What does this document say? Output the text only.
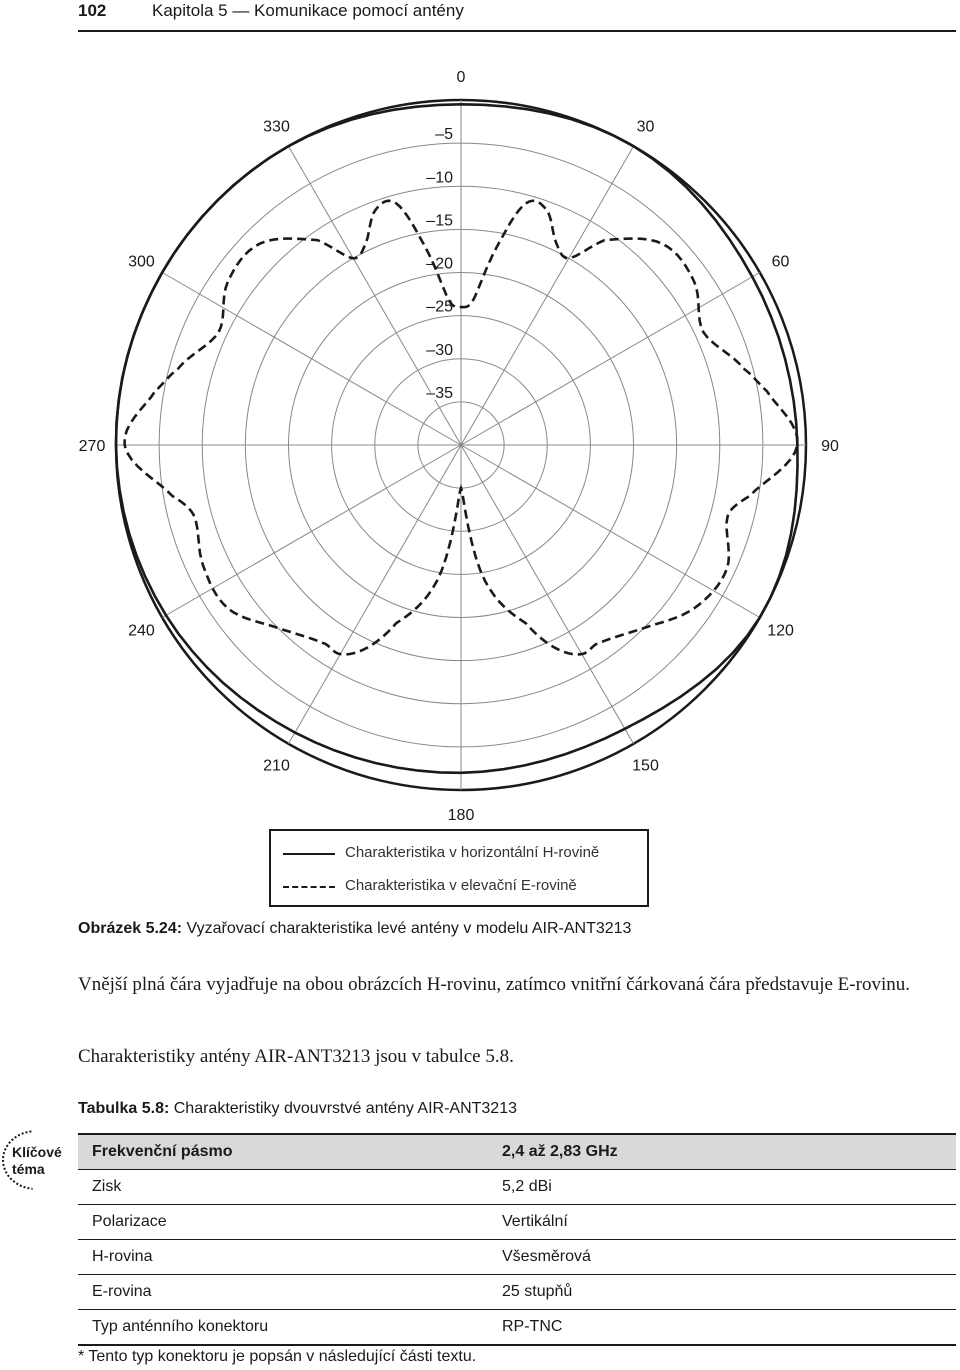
102	Kapitola 5 — Komunikace pomocí antény
0
30
60
90
120
150
180
210
240
270
300
330	–5
–10
–15
–20
–25
–30
–35
Charakteristika v horizontální H-rovině
Charakteristika v elevační E-rovině
Obrázek 5.24: Vyzařovací charakteristika levé antény v modelu AIR-ANT3213
Vnější plná čára vyjadřuje na obou obrázcích H-rovinu, zatímco vnitřní čárkovaná čára představuje E-rovinu.
Charakteristiky antény AIR-ANT3213 jsou v tabulce 5.8.
Tabulka 5.8: Charakteristiky dvouvrstvé antény AIR-ANT3213
Klíčové
téma
Frekvenční pásmo	2,4 až 2,83 GHz
Zisk	5,2 dBi
Polarizace	Vertikální
H-rovina	Všesměrová
E-rovina	25 stupňů
Typ anténního konektoru	RP-TNC
* Tento typ konektoru je popsán v následující části textu.
